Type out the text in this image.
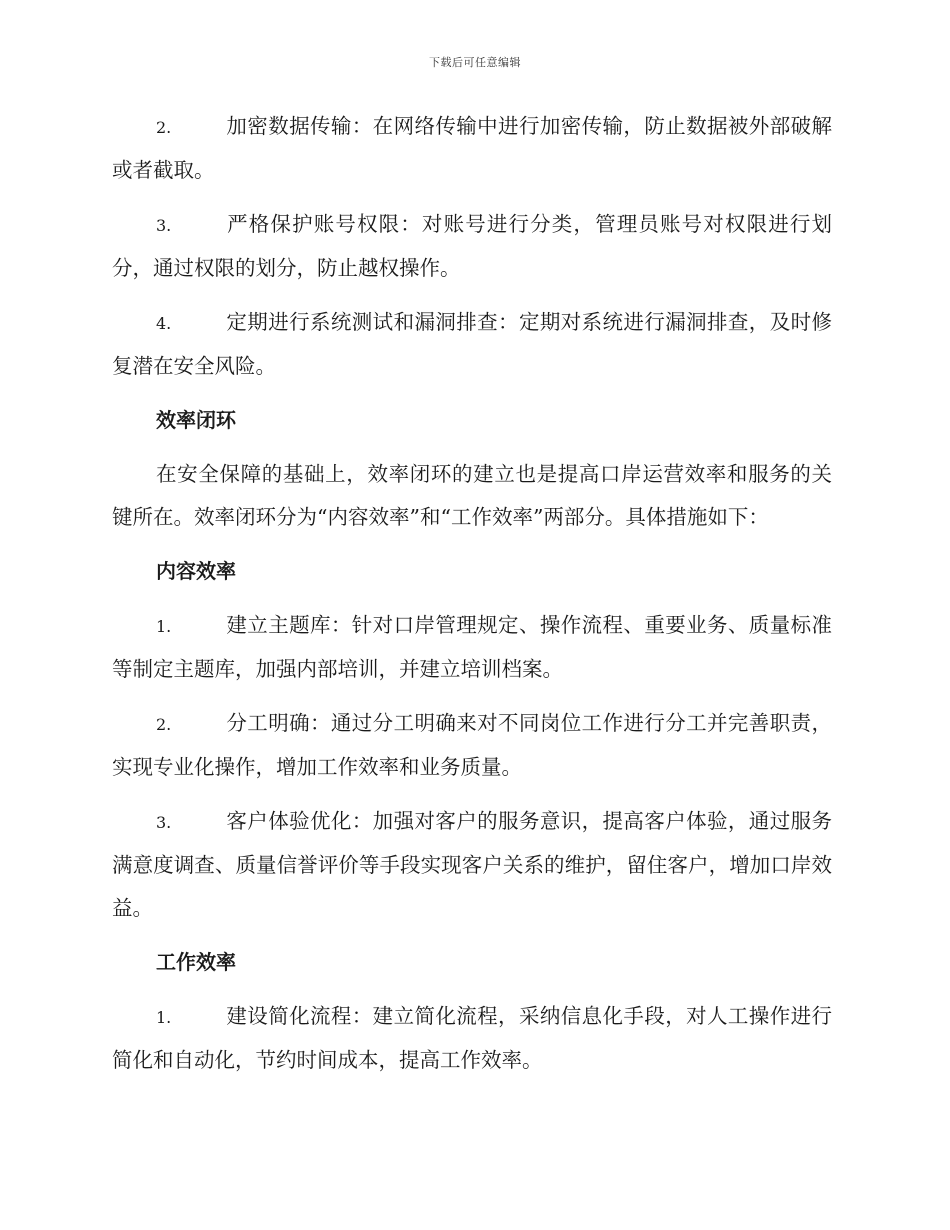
下载后可任意编辑

2.	加密数据传输：在网络传输中进行加密传输，防止数据被外部破解或者截取。

3.	严格保护账号权限：对账号进行分类，管理员账号对权限进行划分，通过权限的划分，防止越权操作。

4.	定期进行系统测试和漏洞排查：定期对系统进行漏洞排查，及时修复潜在安全风险。

效率闭环

在安全保障的基础上，效率闭环的建立也是提高口岸运营效率和服务的关键所在。效率闭环分为“内容效率”和“工作效率”两部分。具体措施如下：

内容效率

1.	建立主题库：针对口岸管理规定、操作流程、重要业务、质量标准等制定主题库，加强内部培训，并建立培训档案。

2.	分工明确：通过分工明确来对不同岗位工作进行分工并完善职责，实现专业化操作，增加工作效率和业务质量。

3.	客户体验优化：加强对客户的服务意识，提高客户体验，通过服务满意度调查、质量信誉评价等手段实现客户关系的维护，留住客户，增加口岸效益。

工作效率

1.	建设简化流程：建立简化流程，采纳信息化手段，对人工操作进行简化和自动化，节约时间成本，提高工作效率。
